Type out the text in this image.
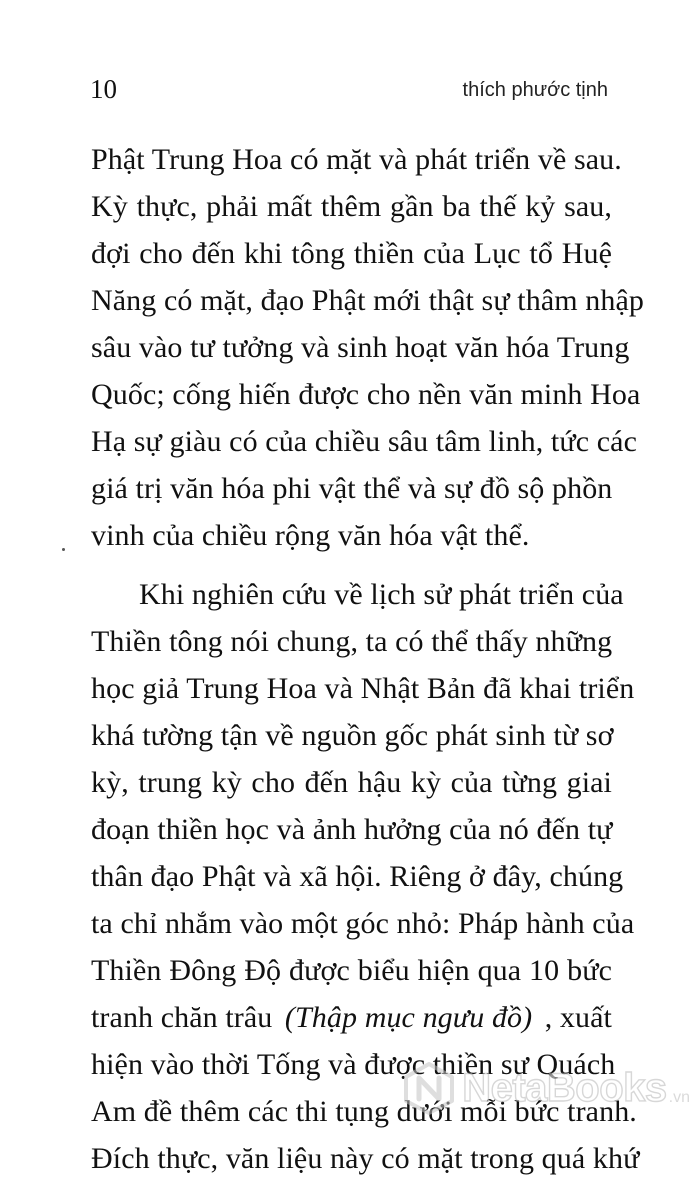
10	thích phước tịnh
Phật Trung Hoa có mặt và phát triển về sau.
Kỳ thực, phải mất thêm gần ba thế kỷ sau,
đợi cho đến khi tông thiền của Lục tổ Huệ
Năng có mặt, đạo Phật mới thật sự thâm nhập
sâu vào tư tưởng và sinh hoạt văn hóa Trung
Quốc; cống hiến được cho nền văn minh Hoa
Hạ sự giàu có của chiều sâu tâm linh, tức các
giá trị văn hóa phi vật thể và sự đồ sộ phồn
vinh của chiều rộng văn hóa vật thể.
Khi nghiên cứu về lịch sử phát triển của
Thiền tông nói chung, ta có thể thấy những
học giả Trung Hoa và Nhật Bản đã khai triển
khá tường tận về nguồn gốc phát sinh từ sơ
kỳ, trung kỳ cho đến hậu kỳ của từng giai
đoạn thiền học và ảnh hưởng của nó đến tự
thân đạo Phật và xã hội. Riêng ở đây, chúng
ta chỉ nhắm vào một góc nhỏ: Pháp hành của
Thiền Đông Độ được biểu hiện qua 10 bức
tranh chăn trâu (Thập mục ngưu đồ) , xuất
hiện vào thời Tống và được thiền sư Quách
Am đề thêm các thi tụng dưới mỗi bức tranh.
Đích thực, văn liệu này có mặt trong quá khứ
NetaBooks .vn
